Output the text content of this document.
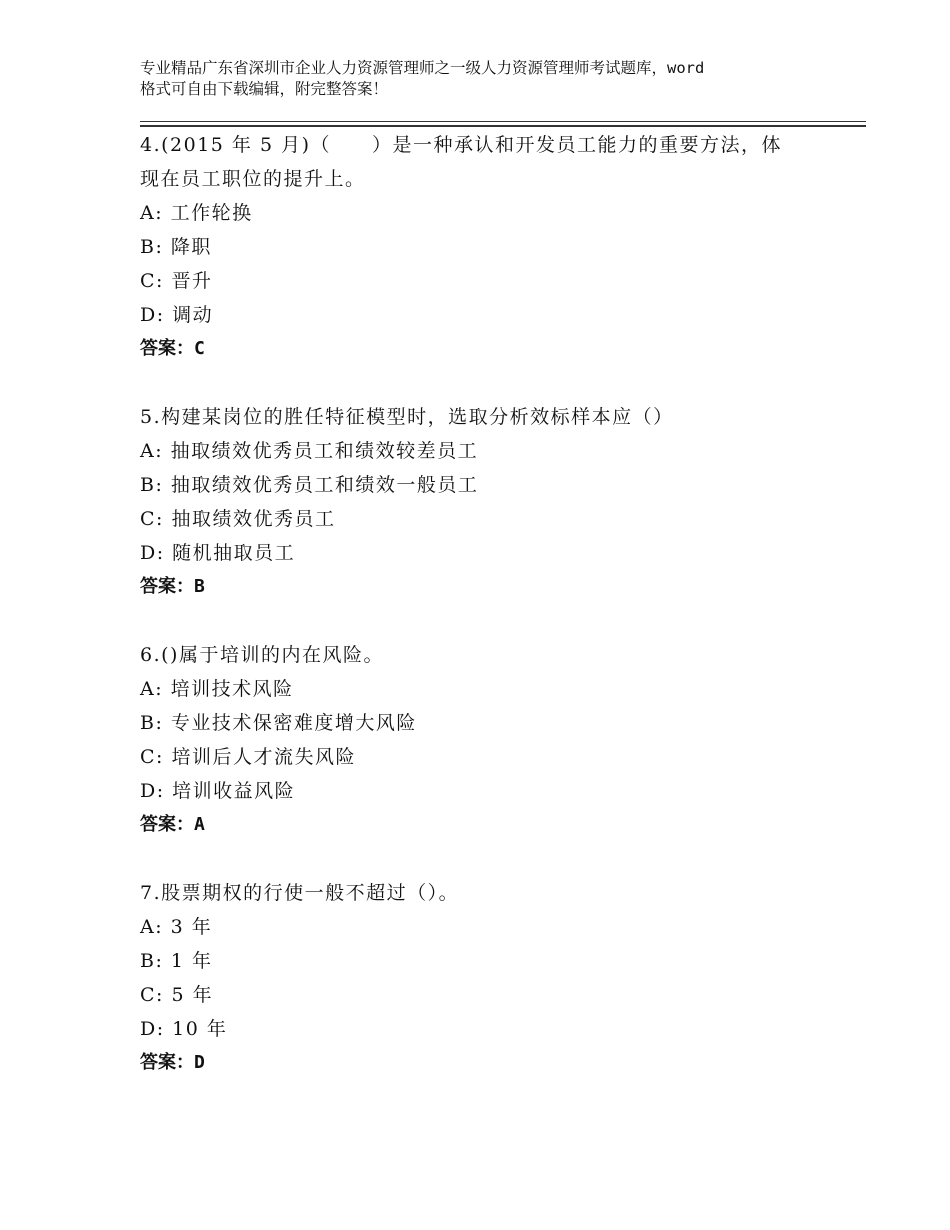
专业精品广东省深圳市企业人力资源管理师之一级人力资源管理师考试题库，word
格式可自由下载编辑，附完整答案！

4.(2015 年 5 月)（　　）是一种承认和开发员工能力的重要方法，体现在员工职位的提升上。

A: 工作轮换

B: 降职

C: 晋升

D: 调动

答案：C

5.构建某岗位的胜任特征模型时，选取分析效标样本应（）

A: 抽取绩效优秀员工和绩效较差员工

B: 抽取绩效优秀员工和绩效一般员工

C: 抽取绩效优秀员工

D: 随机抽取员工

答案：B

6.()属于培训的内在风险。

A: 培训技术风险

B: 专业技术保密难度增大风险

C: 培训后人才流失风险

D: 培训收益风险

答案：A

7.股票期权的行使一般不超过（）。

A: 3 年

B: 1 年

C: 5 年

D: 10 年

答案：D
